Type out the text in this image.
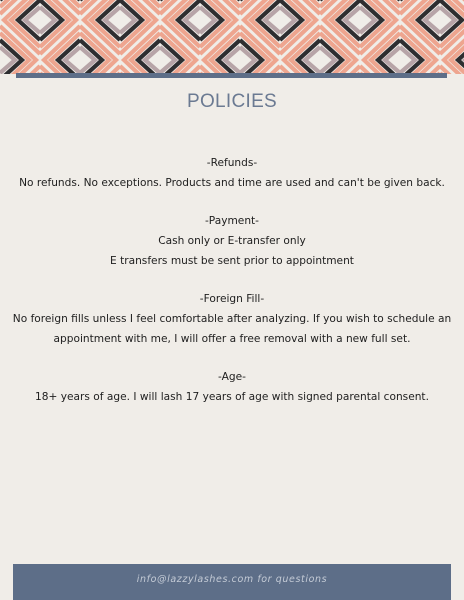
POLICIES

-Refunds-

No refunds. No exceptions. Products and time are used and can't be given back.

-Payment-

Cash only or E-transfer only

E transfers must be sent prior to appointment

-Foreign Fill-

No foreign fills unless I feel comfortable after analyzing. If you wish to schedule an appointment with me, I will offer a free removal with a new full set.

-Age-

18+ years of age. I will lash 17 years of age with signed parental consent.

info@lazzylashes.com for questions
